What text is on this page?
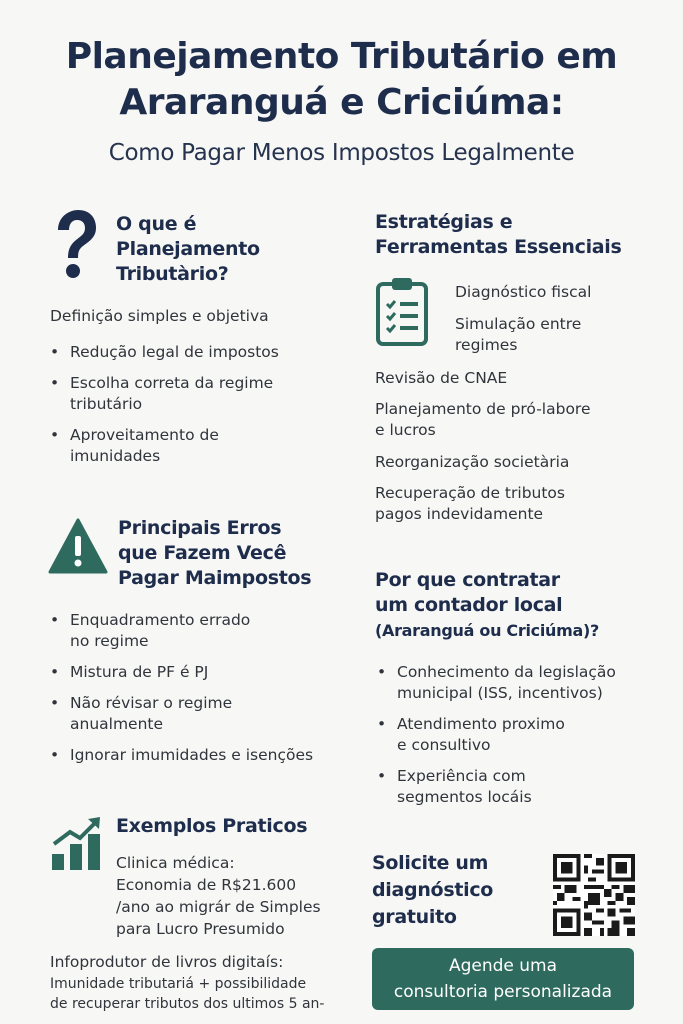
Planejamento Tributário em
Araranguá e Criciúma:
Como Pagar Menos Impostos Legalmente
O que é
Planejamento
Tributàrio?
Definição simples e objetiva
• Redução legal de impostos
• Escolha correta da regime
tributário
• Aproveitamento de
imunidades
Principais Erros
que Fazem Vecê
Pagar Maimpostos
• Enquadramento errado
no regime
• Mistura de PF é PJ
• Não révisar o regime
anualmente
• Ignorar imumidades e isenções
Exemplos Praticos
Clinica médica:
Economia de R$21.600
/ano ao migrár de Simples
para Lucro Presumido
Infoprodutor de livros digitaís:
Imunidade tributariá + possibilidade
de recuperar tributos dos ultimos 5 an-
Estratégias e
Ferramentas Essenciais
Diagnóstico fiscal
Simulação entre
regimes
Revisão de CNAE
Planejamento de pró-labore
e lucros
Reorganização societària
Recuperação de tributos
pagos indevidamente
Por que contratar
um contador local
(Araranguá ou Criciúma)?
• Conhecimento da legislação
municipal (ISS, incentivos)
• Atendimento proximo
e consultivo
• Experiência com
segmentos locáis
Solicite um
diagnóstico
gratuito
Agende uma
consultoria personalizada
